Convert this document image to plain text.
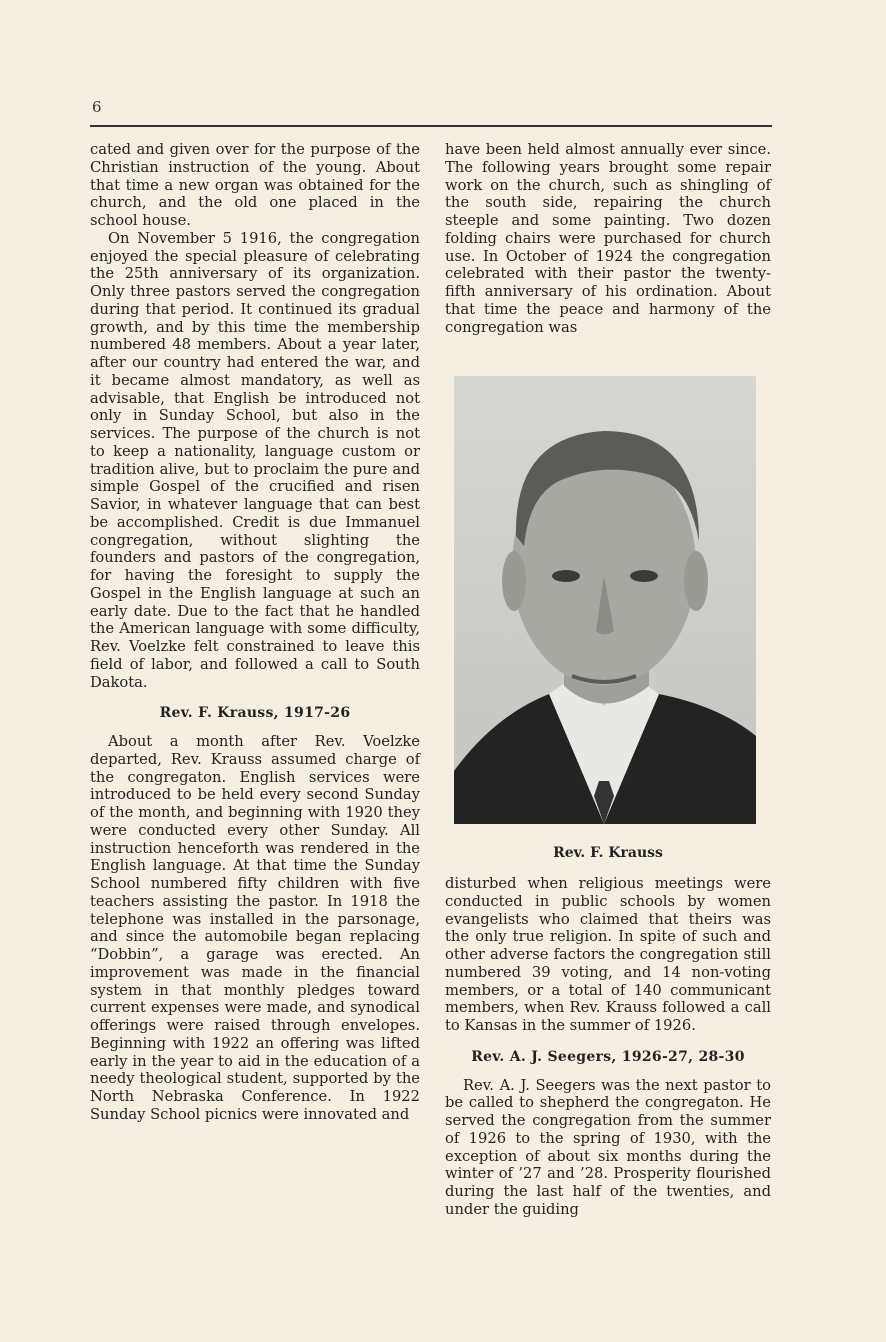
6

cated and given over for the purpose of the Christian instruction of the young. About that time a new organ was obtained for the church, and the old one placed in the school house.

On November 5 1916, the congregation enjoyed the special pleasure of celebrating the 25th anniversary of its organization. Only three pastors served the congregation during that period. It continued its gradual growth, and by this time the membership numbered 48 members. About a year later, after our country had entered the war, and it became almost mandatory, as well as advisable, that English be introduced not only in Sunday School, but also in the services. The purpose of the church is not to keep a nationality, language custom or tradition alive, but to proclaim the pure and simple Gospel of the crucified and risen Savior, in whatever language that can best be accomplished. Credit is due Immanuel congregation, without slighting the founders and pastors of the congregation, for having the foresight to supply the Gospel in the English language at such an early date. Due to the fact that he handled the American language with some difficulty, Rev. Voelzke felt constrained to leave this field of labor, and followed a call to South Dakota.

Rev. F. Krauss, 1917-26

About a month after Rev. Voelzke departed, Rev. Krauss assumed charge of the congregaton. English services were introduced to be held every second Sunday of the month, and beginning with 1920 they were conducted every other Sunday. All instruction henceforth was rendered in the English language. At that time the Sunday School numbered fifty children with five teachers assisting the pastor. In 1918 the telephone was installed in the parsonage, and since the automobile began replacing “Dobbin”, a garage was erected. An improvement was made in the financial system in that monthly pledges toward current expenses were made, and synodical offerings were raised through envelopes. Beginning with 1922 an offering was lifted early in the year to aid in the education of a needy theological student, supported by the North Nebraska Conference. In 1922 Sunday School picnics were innovated and

have been held almost annually ever since. The following years brought some repair work on the church, such as shingling of the south side, repairing the church steeple and some painting. Two dozen folding chairs were purchased for church use. In October of 1924 the congregation celebrated with their pastor the twenty-fifth anniversary of his ordination. About that time the peace and harmony of the congregation was

Rev. F. Krauss

disturbed when religious meetings were conducted in public schools by women evangelists who claimed that theirs was the only true religion. In spite of such and other adverse factors the congregation still numbered 39 voting, and 14 non-voting members, or a total of 140 communicant members, when Rev. Krauss followed a call to Kansas in the summer of 1926.

Rev. A. J. Seegers, 1926-27, 28-30

Rev. A. J. Seegers was the next pastor to be called to shepherd the congregaton. He served the congregation from the summer of 1926 to the spring of 1930, with the exception of about six months during the winter of ’27 and ’28. Prosperity flourished during the last half of the twenties, and under the guiding
